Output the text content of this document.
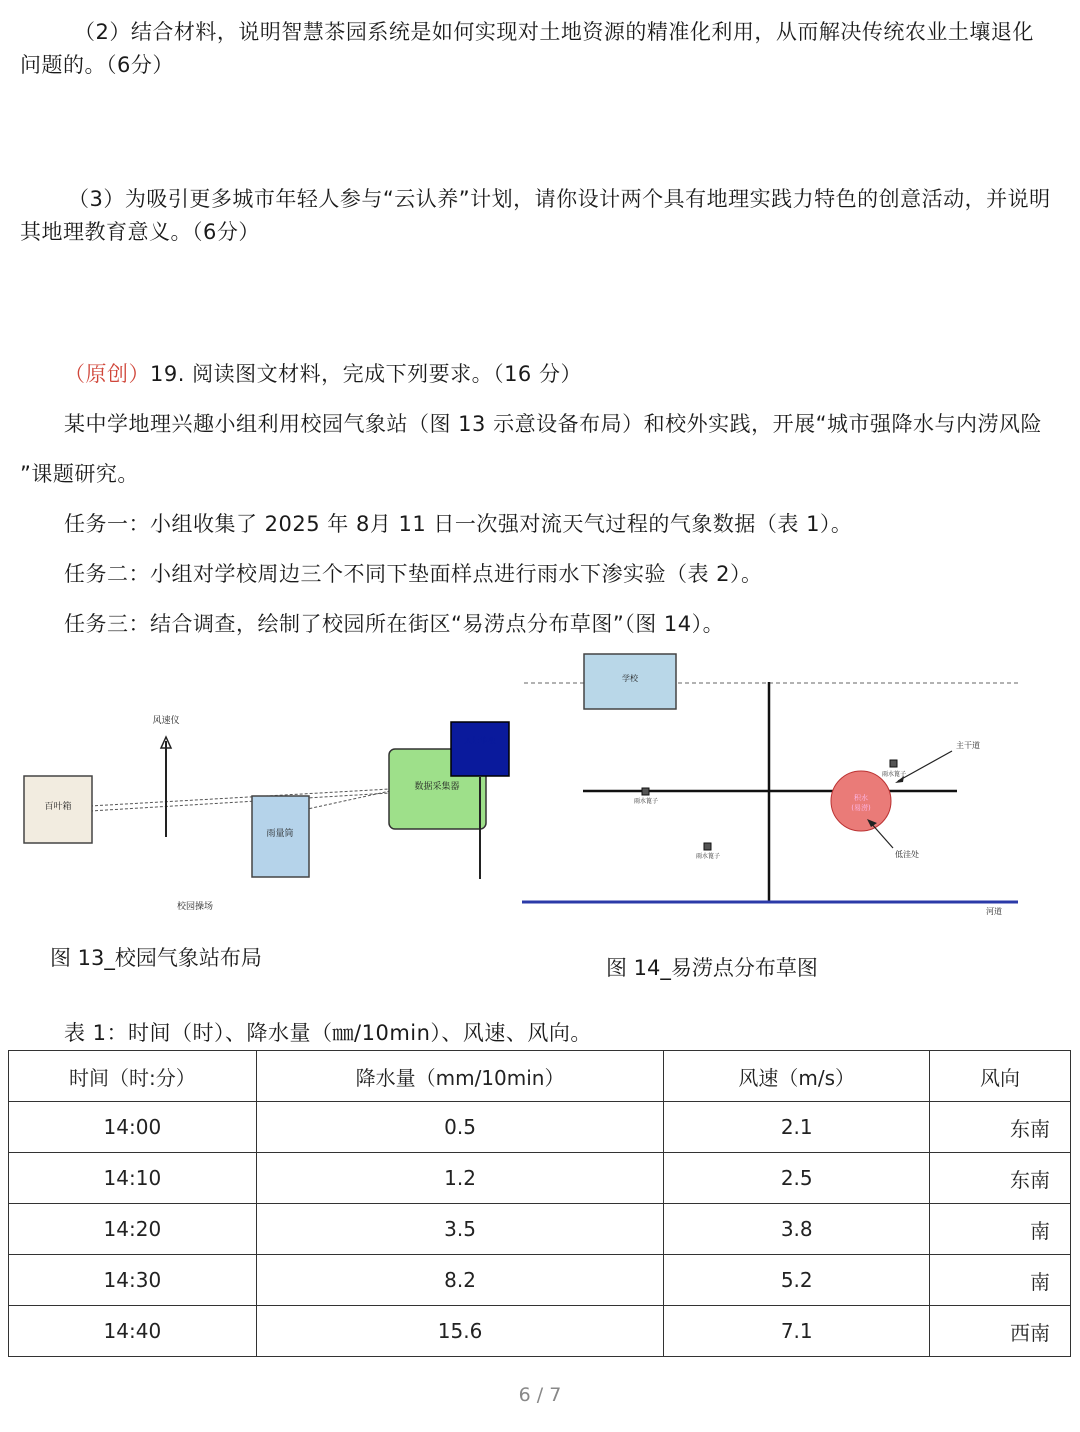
（2）结合材料，说明智慧茶园系统是如何实现对土地资源的精准化利用，从而解决传统农业土壤退化
问题的。（6分）
（3）为吸引更多城市年轻人参与“云认养”计划，请你设计两个具有地理实践力特色的创意活动，并说明
其地理教育意义。（6分）
（原创）19. 阅读图文材料，完成下列要求。（16 分）
某中学地理兴趣小组利用校园气象站（图 13 示意设备布局）和校外实践，开展“城市强降水与内涝风险
”课题研究。
任务一：小组收集了 2025 年 8月 11 日一次强对流天气过程的气象数据（表 1）。
任务二：小组对学校周边三个不同下垫面样点进行雨水下渗实验（表 2）。
任务三：结合调查，绘制了校园所在街区“易涝点分布草图”（图 14）。
百叶箱
风速仪
雨量筒
数据采集器
太阳能板
校园操场
学校
河道
积水
(易涝)
主干道
低洼处
雨水篦子
雨水篦子
雨水篦子
图 13_校园气象站布局	图 14_易涝点分布草图
表 1：时间（时）、降水量（㎜/10min）、风速、风向。
时间（时:分）	降水量（mm/10min）	风速（m/s）	风向
14:00	0.5	2.1	东南
14:10	1.2	2.5	东南
14:20	3.5	3.8	南
14:30	8.2	5.2	南
14:40	15.6	7.1	西南
6 / 7
